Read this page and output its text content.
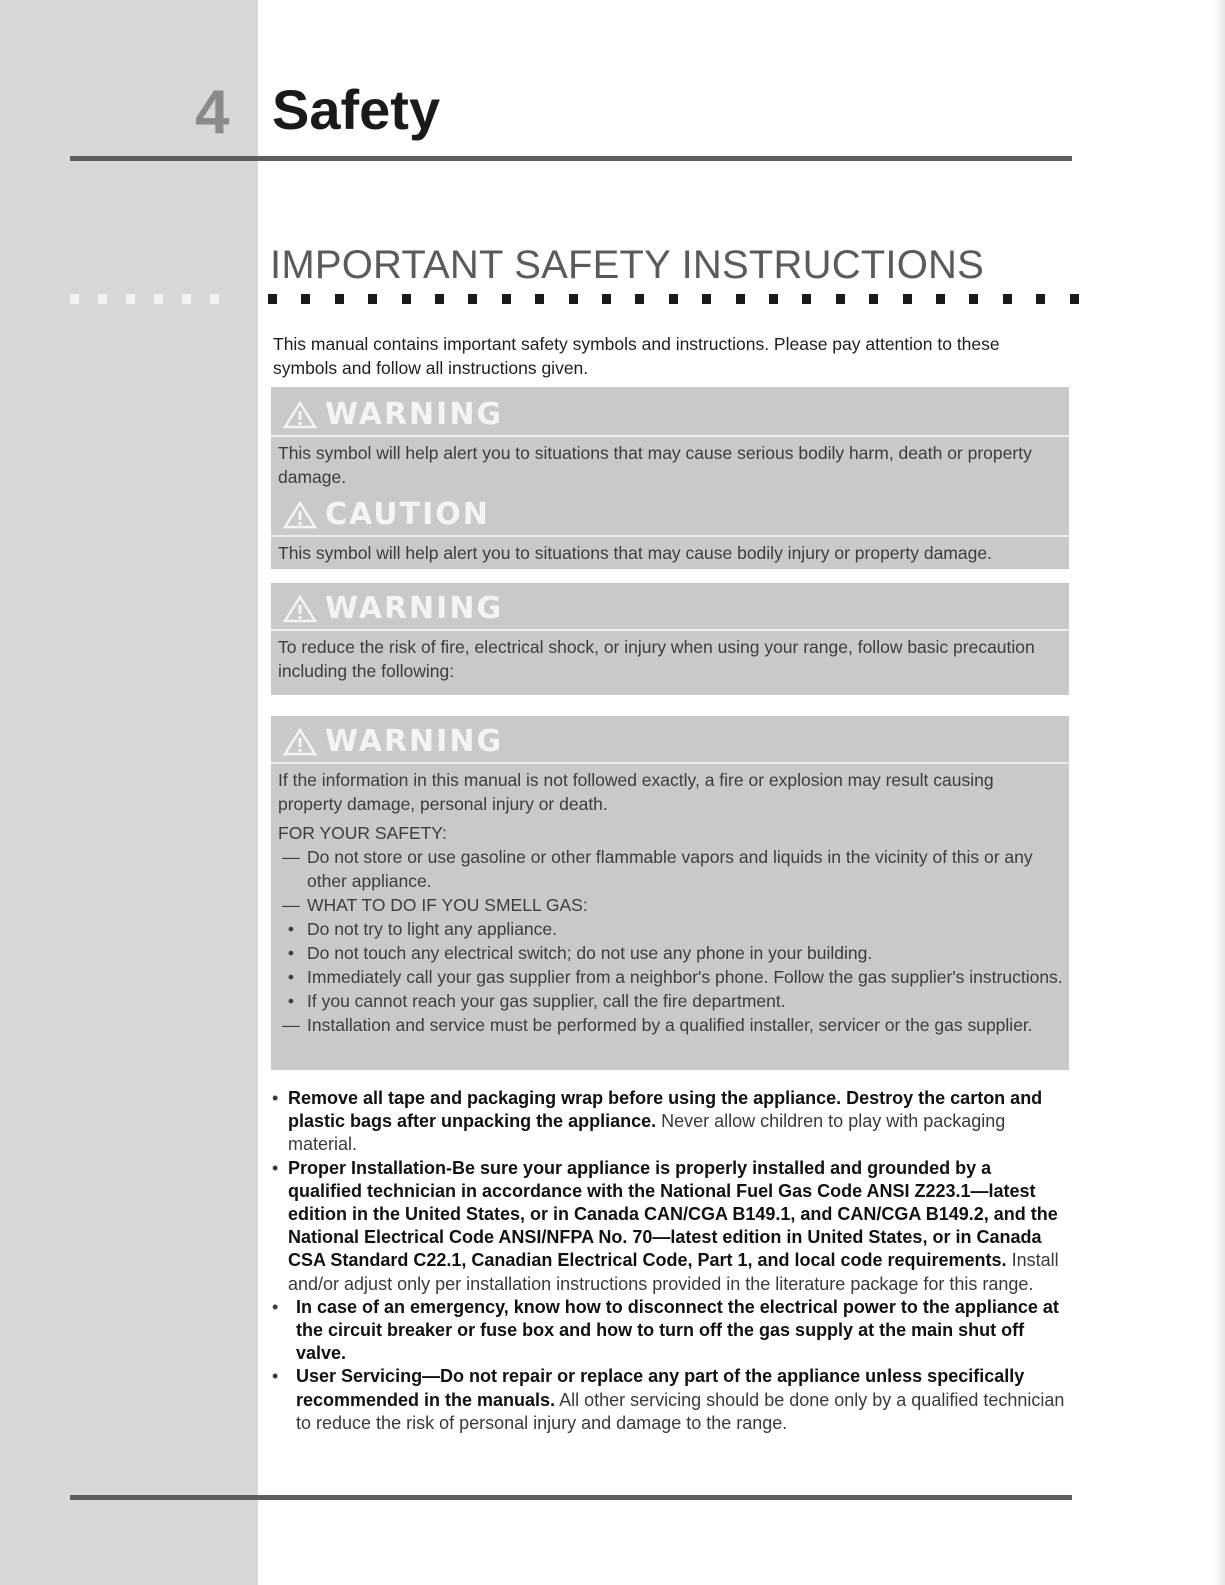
4 Safety
IMPORTANT SAFETY INSTRUCTIONS
This manual contains important safety symbols and instructions. Please pay attention to these symbols and follow all instructions given.
WARNING
This symbol will help alert you to situations that may cause serious bodily harm, death or property damage.
CAUTION
This symbol will help alert you to situations that may cause bodily injury or property damage.
WARNING
To reduce the risk of fire, electrical shock, or injury when using your range, follow basic precaution including the following:
WARNING
If the information in this manual is not followed exactly, a fire or explosion may result causing property damage, personal injury or death.
FOR YOUR SAFETY:
— Do not store or use gasoline or other flammable vapors and liquids in the vicinity of this or any other appliance.
— WHAT TO DO IF YOU SMELL GAS:
• Do not try to light any appliance.
• Do not touch any electrical switch; do not use any phone in your building.
• Immediately call your gas supplier from a neighbor's phone. Follow the gas supplier's instructions.
• If you cannot reach your gas supplier, call the fire department.
— Installation and service must be performed by a qualified installer, servicer or the gas supplier.
• Remove all tape and packaging wrap before using the appliance. Destroy the carton and plastic bags after unpacking the appliance. Never allow children to play with packaging material.
• Proper Installation-Be sure your appliance is properly installed and grounded by a qualified technician in accordance with the National Fuel Gas Code ANSI Z223.1—latest edition in the United States, or in Canada CAN/CGA B149.1, and CAN/CGA B149.2, and the National Electrical Code ANSI/NFPA No. 70—latest edition in United States, or in Canada CSA Standard C22.1, Canadian Electrical Code, Part 1, and local code requirements. Install and/or adjust only per installation instructions provided in the literature package for this range.
• In case of an emergency, know how to disconnect the electrical power to the appliance at the circuit breaker or fuse box and how to turn off the gas supply at the main shut off valve.
• User Servicing—Do not repair or replace any part of the appliance unless specifically recommended in the manuals. All other servicing should be done only by a qualified technician to reduce the risk of personal injury and damage to the range.
